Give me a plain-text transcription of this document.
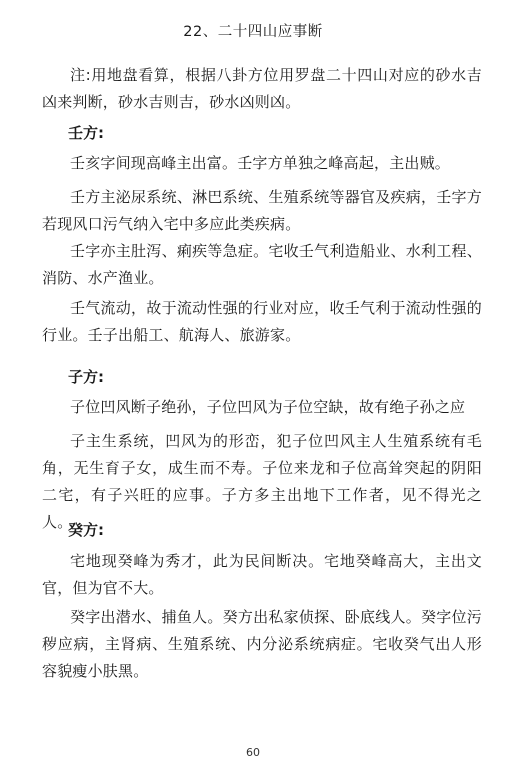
22、二十四山应事断
注:用地盘看算，根据八卦方位用罗盘二十四山对应的砂水吉凶来判断，砂水吉则吉，砂水凶则凶。
壬方:
壬亥字间现高峰主出富。壬字方单独之峰高起，主出贼。
壬方主泌尿系统、淋巴系统、生殖系统等器官及疾病，壬字方若现风口污气纳入宅中多应此类疾病。
壬字亦主肚泻、痢疾等急症。宅收壬气利造船业、水利工程、消防、水产渔业。
壬气流动，故于流动性强的行业对应，收壬气利于流动性强的行业。壬子出船工、航海人、旅游家。
子方:
子位凹风断子绝孙，子位凹风为子位空缺，故有绝子孙之应
子主生系统，凹风为的形峦，犯子位凹风主人生殖系统有毛角，无生育子女，成生而不寿。子位来龙和子位高耸突起的阴阳二宅，有子兴旺的应事。子方多主出地下工作者，见不得光之人。
癸方:
宅地现癸峰为秀才，此为民间断决。宅地癸峰高大，主出文官，但为官不大。
癸字出潜水、捕鱼人。癸方出私家侦探、卧底线人。癸字位污秽应病，主肾病、生殖系统、内分泌系统病症。宅收癸气出人形容貌瘦小肤黑。
60
